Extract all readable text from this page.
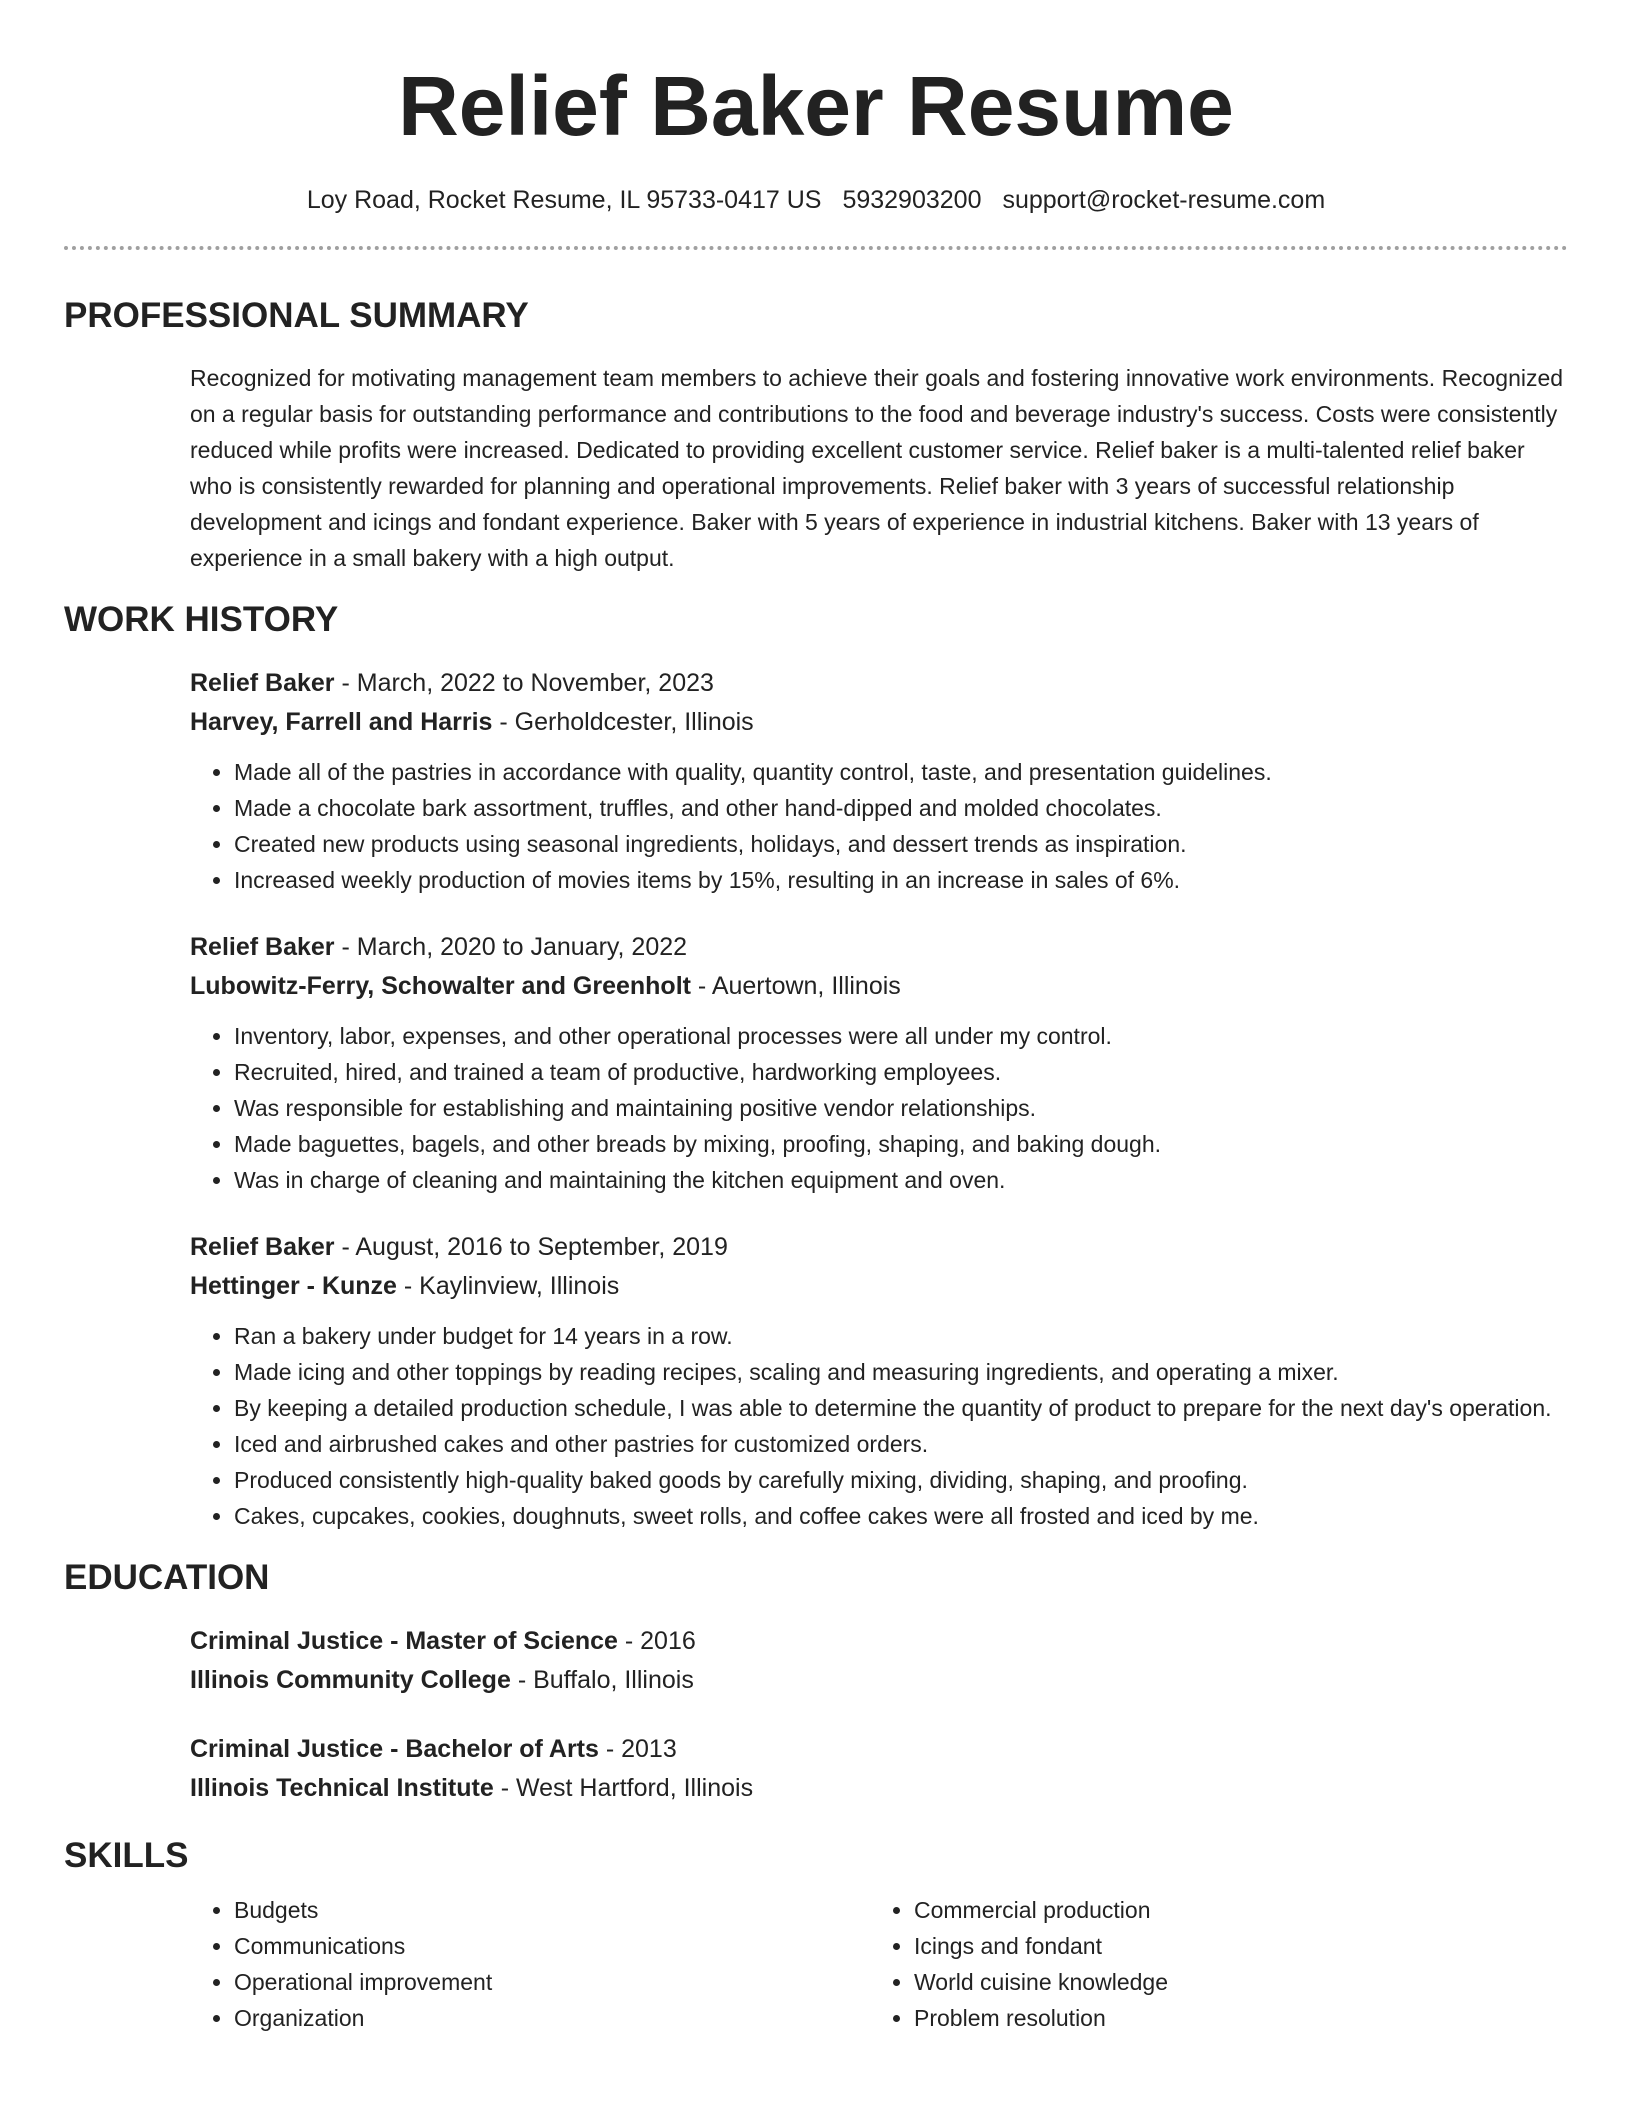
Relief Baker Resume
Loy Road, Rocket Resume, IL 95733-0417 US 5932903200 support@rocket-resume.com
PROFESSIONAL SUMMARY

Recognized for motivating management team members to achieve their goals and fostering innovative work environments. Recognized on a regular basis for outstanding performance and contributions to the food and beverage industry's success. Costs were consistently reduced while profits were increased. Dedicated to providing excellent customer service. Relief baker is a multi-talented relief baker who is consistently rewarded for planning and operational improvements. Relief baker with 3 years of successful relationship development and icings and fondant experience. Baker with 5 years of experience in industrial kitchens. Baker with 13 years of experience in a small bakery with a high output.

WORK HISTORY

Relief Baker - March, 2022 to November, 2023

Harvey, Farrell and Harris - Gerholdcester, Illinois

• Made all of the pastries in accordance with quality, quantity control, taste, and presentation guidelines.
• Made a chocolate bark assortment, truffles, and other hand-dipped and molded chocolates.
• Created new products using seasonal ingredients, holidays, and dessert trends as inspiration.
• Increased weekly production of movies items by 15%, resulting in an increase in sales of 6%.

Relief Baker - March, 2020 to January, 2022

Lubowitz-Ferry, Schowalter and Greenholt - Auertown, Illinois

• Inventory, labor, expenses, and other operational processes were all under my control.
• Recruited, hired, and trained a team of productive, hardworking employees.
• Was responsible for establishing and maintaining positive vendor relationships.
• Made baguettes, bagels, and other breads by mixing, proofing, shaping, and baking dough.
• Was in charge of cleaning and maintaining the kitchen equipment and oven.

Relief Baker - August, 2016 to September, 2019

Hettinger - Kunze - Kaylinview, Illinois

• Ran a bakery under budget for 14 years in a row.
• Made icing and other toppings by reading recipes, scaling and measuring ingredients, and operating a mixer.
• By keeping a detailed production schedule, I was able to determine the quantity of product to prepare for the next day's operation.
• Iced and airbrushed cakes and other pastries for customized orders.
• Produced consistently high-quality baked goods by carefully mixing, dividing, shaping, and proofing.
• Cakes, cupcakes, cookies, doughnuts, sweet rolls, and coffee cakes were all frosted and iced by me.
EDUCATION

Criminal Justice - Master of Science - 2016

Illinois Community College - Buffalo, Illinois

Criminal Justice - Bachelor of Arts - 2013

Illinois Technical Institute - West Hartford, Illinois

SKILLS
• Budgets
• Communications
• Operational improvement
• Organization
• Commercial production
• Icings and fondant
• World cuisine knowledge
• Problem resolution
